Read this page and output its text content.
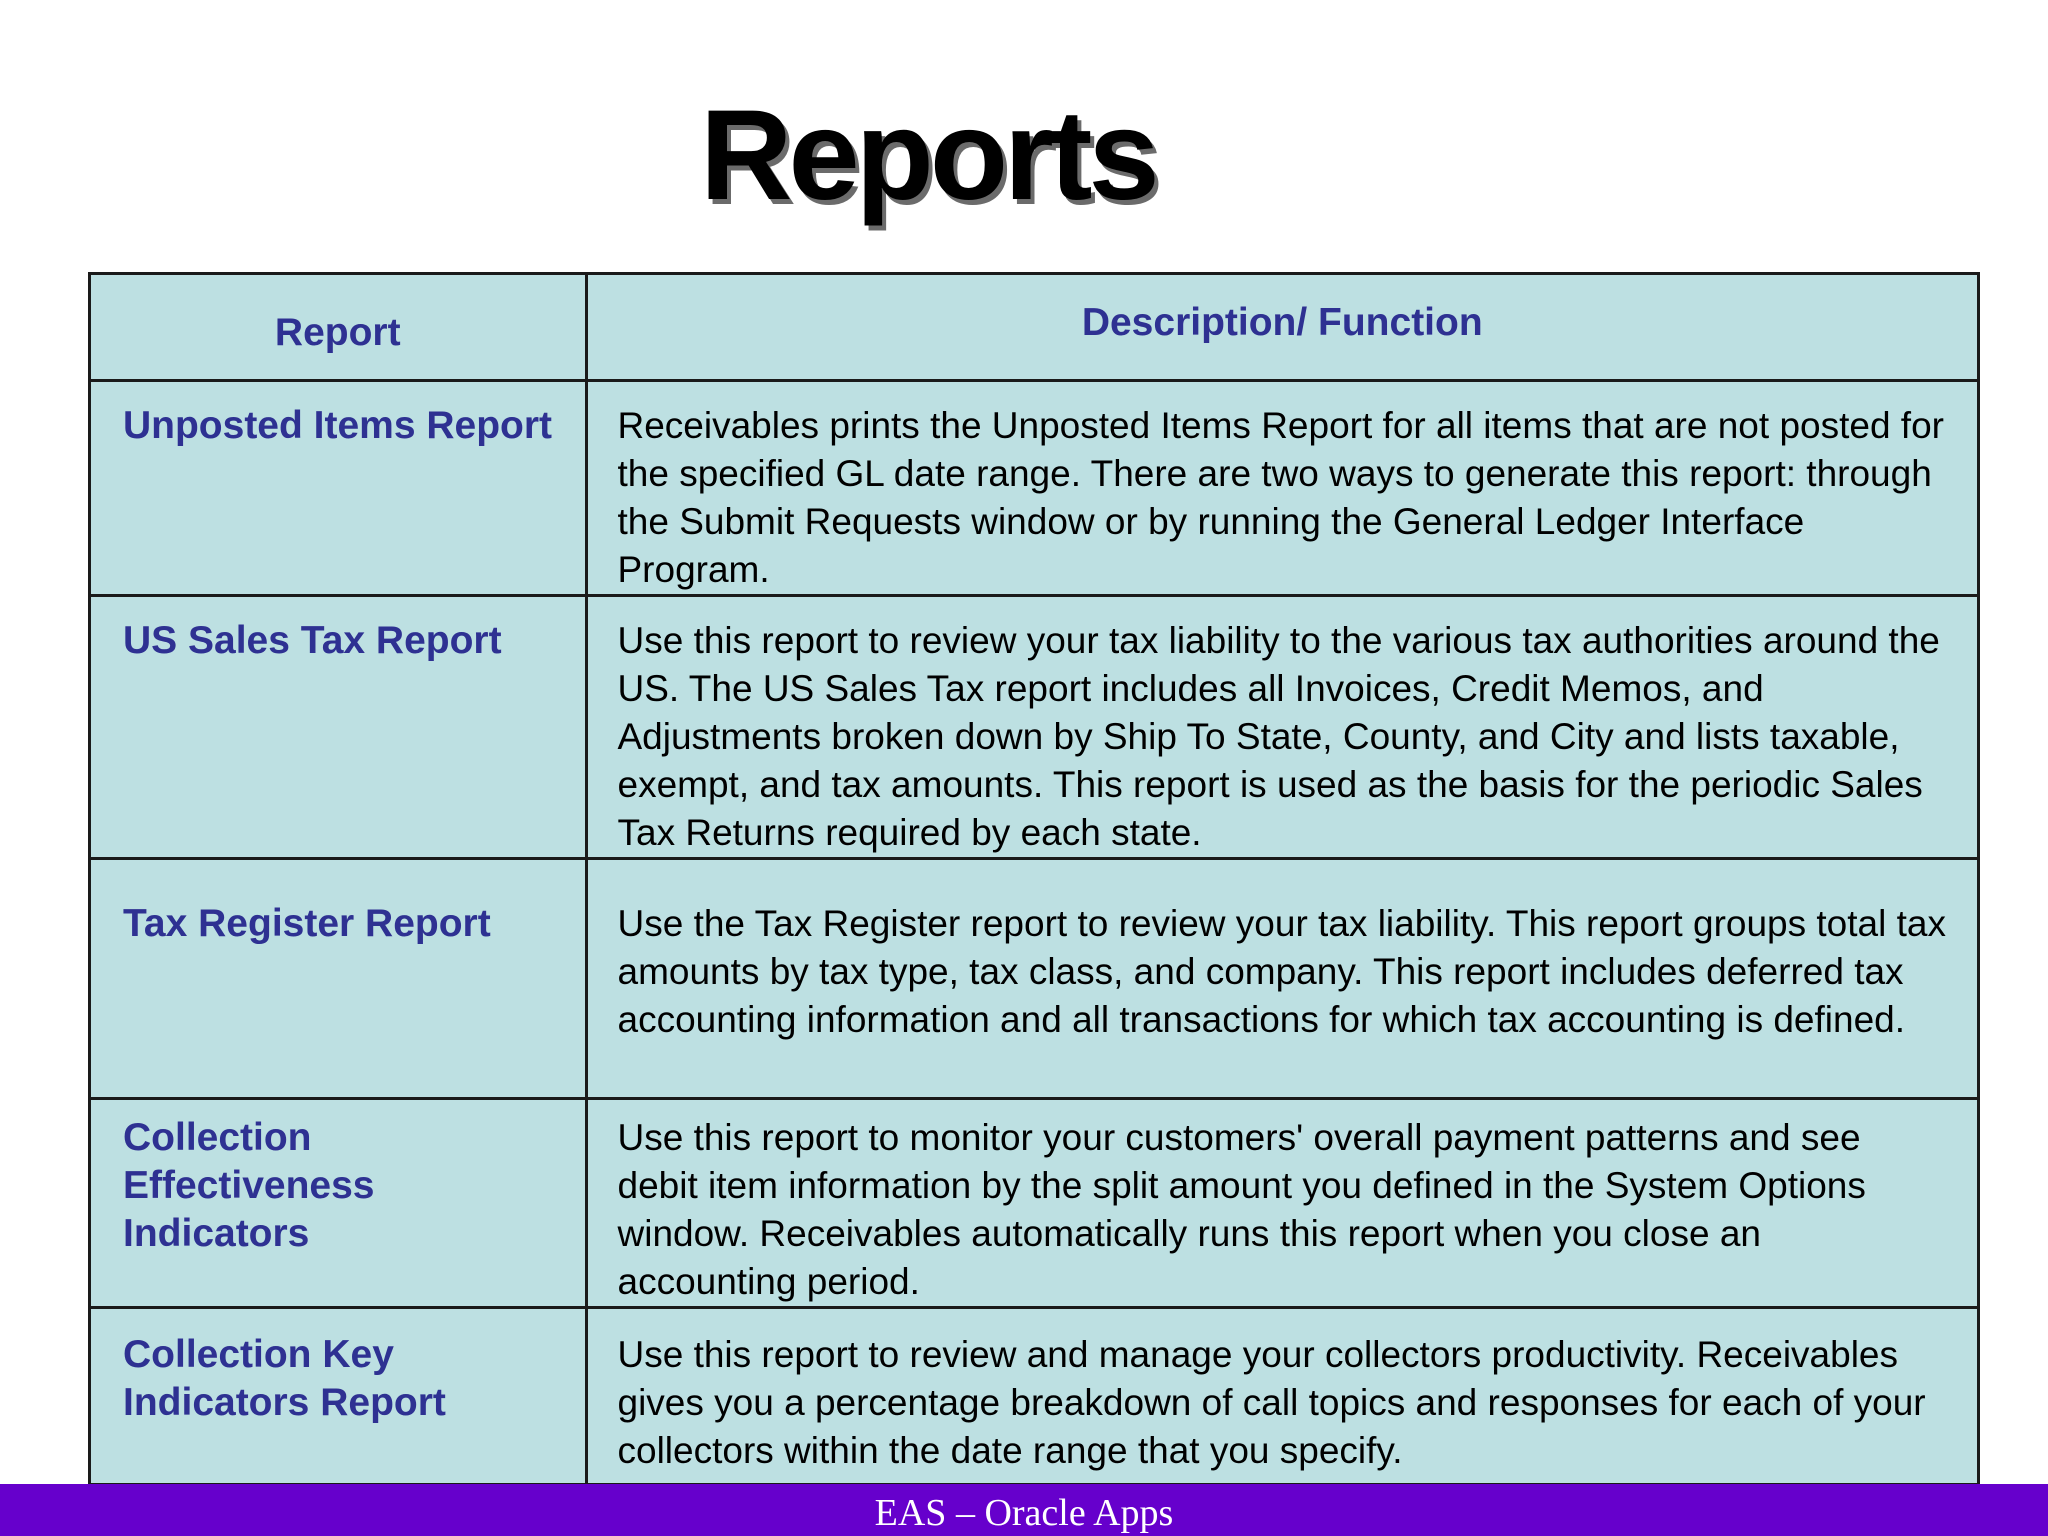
Reports
Report	Description/ Function
Unposted Items Report	Receivables prints the Unposted Items Report for all items that are not posted for the specified GL date range. There are two ways to generate this report: through the Submit Requests window or by running the General Ledger Interface Program.
US Sales Tax Report	Use this report to review your tax liability to the various tax authorities around the US. The US Sales Tax report includes all Invoices, Credit Memos, and Adjustments broken down by Ship To State, County, and City and lists taxable, exempt, and tax amounts. This report is used as the basis for the periodic Sales Tax Returns required by each state.
Tax Register Report	Use the Tax Register report to review your tax liability. This report groups total tax amounts by tax type, tax class, and company. This report includes deferred tax accounting information and all transactions for which tax accounting is defined.
Collection Effectiveness Indicators	Use this report to monitor your customers' overall payment patterns and see debit item information by the split amount you defined in the System Options window. Receivables automatically runs this report when you close an accounting period.
Collection Key Indicators Report	Use this report to review and manage your collectors productivity. Receivables gives you a percentage breakdown of call topics and responses for each of your collectors within the date range that you specify.
EAS – Oracle Apps
